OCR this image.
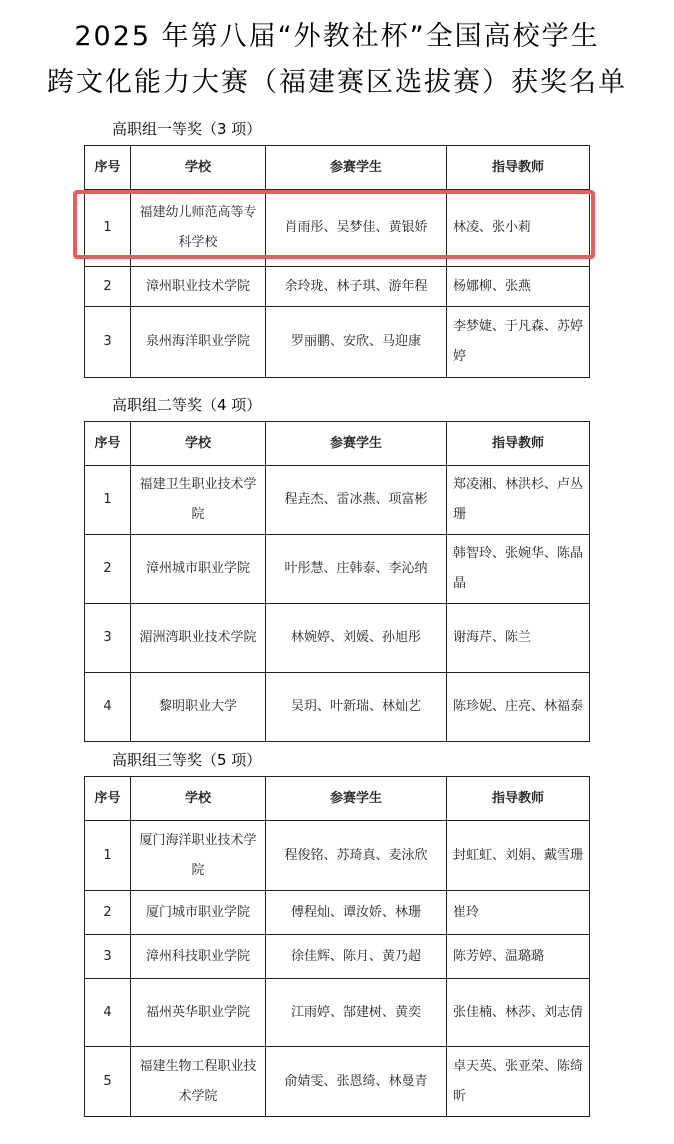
2025 年第八届“外教社杯”全国高校学生
跨文化能力大赛（福建赛区选拔赛）获奖名单
高职组一等奖（3 项）
序号	学校	参赛学生	指导教师
1	福建幼儿师范高等专科学校	肖雨彤、吴梦佳、黄银娇	林凌、张小莉
2	漳州职业技术学院	余玲珑、林子琪、游年程	杨娜柳、张燕
3	泉州海洋职业学院	罗丽鹏、安欣、马迎康	李梦婕、于凡森、苏婷婷
高职组二等奖（4 项）
序号	学校	参赛学生	指导教师
1	福建卫生职业技术学院	程垚杰、雷冰燕、项富彬	郑凌湘、林洪杉、卢丛珊
2	漳州城市职业学院	叶彤慧、庄韩泰、李沁纳	韩智玲、张婉华、陈晶晶
3	湄洲湾职业技术学院	林婉婷、刘媛、孙旭彤	谢海芹、陈兰
4	黎明职业大学	吴玥、叶新瑞、林灿艺	陈珍妮、庄亮、林福泰
高职组三等奖（5 项）
序号	学校	参赛学生	指导教师
1	厦门海洋职业技术学院	程俊铭、苏琦真、麦泳欣	封虹虹、刘娟、戴雪珊
2	厦门城市职业学院	傅程灿、谭汝娇、林珊	崔玲
3	漳州科技职业学院	徐佳辉、陈月、黄乃超	陈芳婷、温璐璐
4	福州英华职业学院	江雨婷、郜建树、黄奕	张佳楠、林莎、刘志倩
5	福建生物工程职业技术学院	俞婧雯、张恩绮、林曼青	卓天英、张亚荣、陈绮昕
